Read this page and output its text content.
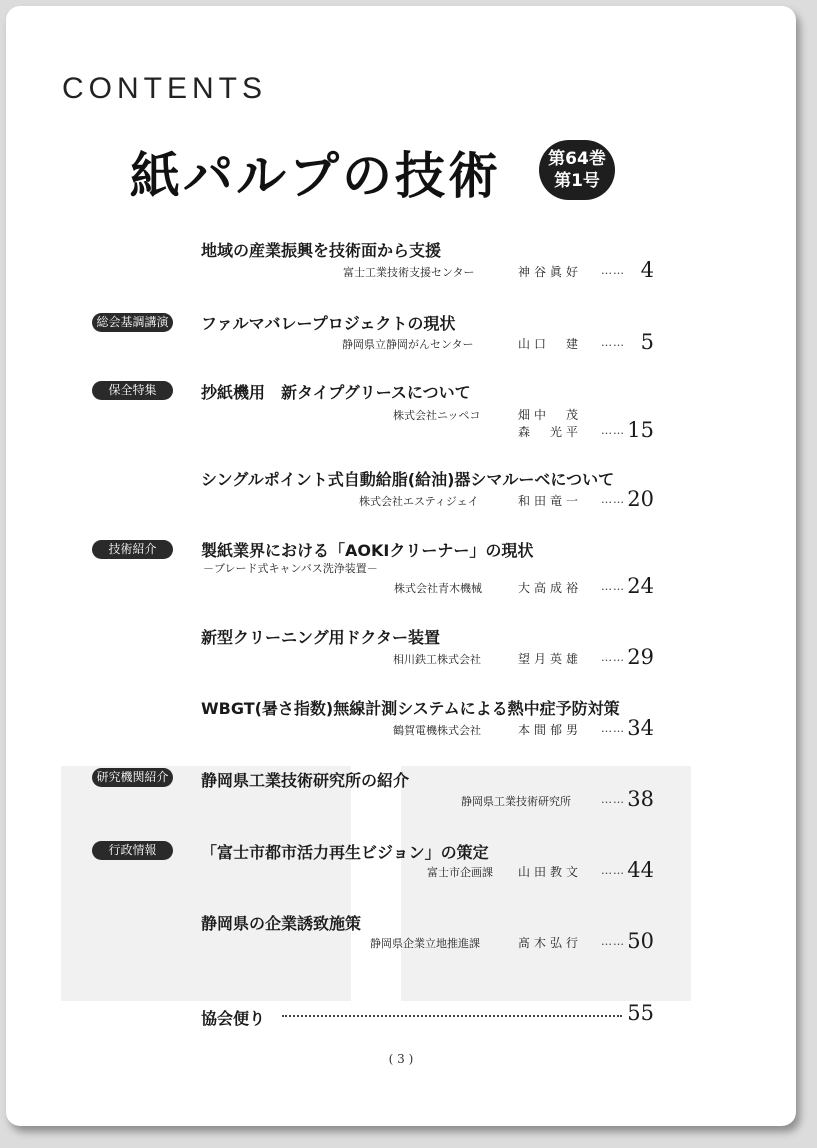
CONTENTS
紙パルプの技術	第64巻
第1号
地域の産業振興を技術面から支援
富士工業技術支援センター	神谷眞好 …… 4
総会基調講演 ファルマバレープロジェクトの現状
静岡県立静岡がんセンター	山口　建 …… 5
保全特集	抄紙機用　新タイプグリースについて
株式会社ニッペコ	畑中　茂
森　光平 …… 15
シングルポイント式自動給脂(給油)器シマルーベについて
株式会社エスティジェイ	和田竜一 …… 20
技術紹介	製紙業界における「AOKIクリーナー」の現状
－ブレード式キャンバス洗浄装置－
株式会社青木機械	大高成裕 …… 24
新型クリーニング用ドクター装置
相川鉄工株式会社	望月英雄 …… 29
WBGT(暑さ指数)無線計測システムによる熱中症予防対策
鶴賀電機株式会社	本間郁男 …… 34
研究機関紹介 静岡県工業技術研究所の紹介
静岡県工業技術研究所	…… 38
行政情報	「富士市都市活力再生ビジョン」の策定
富士市企画課 山田教文 …… 44
静岡県の企業誘致施策
静岡県企業立地推進課	髙木弘行 …… 50
協会便り	55
( 3 )
